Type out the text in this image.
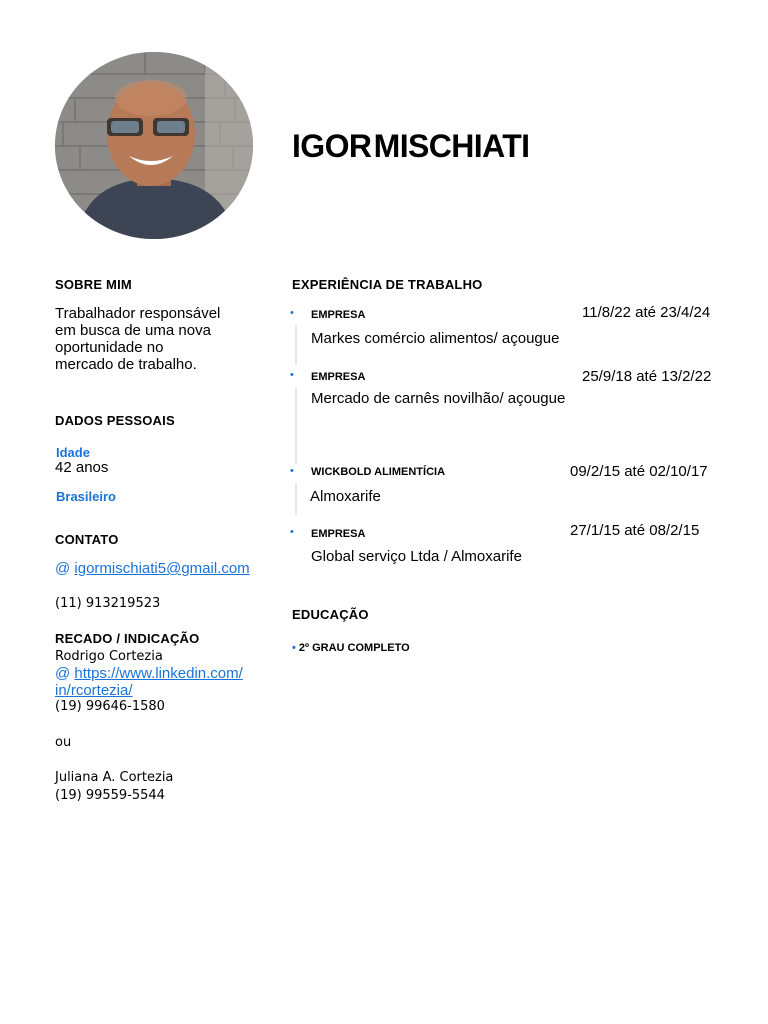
IGOR MISCHIATI
SOBRE MIM
Trabalhador responsável
em busca de uma nova
oportunidade no
mercado de trabalho.
DADOS PESSOAIS
Idade
42 anos
Brasileiro
CONTATO
@ igormischiati5@gmail.com
(11) 913219523
RECADO / INDICAÇÃO
Rodrigo Cortezia
@ https://www.linkedin.com/
in/rcortezia/
(19) 99646-1580
ou
Juliana A. Cortezia
(19) 99559-5544
EXPERIÊNCIA DE TRABALHO
• EMPRESA	11/8/22 até 23/4/24
Markes comércio alimentos/ açougue
• EMPRESA	25/9/18 até 13/2/22
Mercado de carnês novilhão/ açougue
• WICKBOLD ALIMENTÍCIA	09/2/15 até 02/10/17
Almoxarife
• EMPRESA	27/1/15 até 08/2/15
Global serviço Ltda / Almoxarife
EDUCAÇÃO
• 2º GRAU COMPLETO
